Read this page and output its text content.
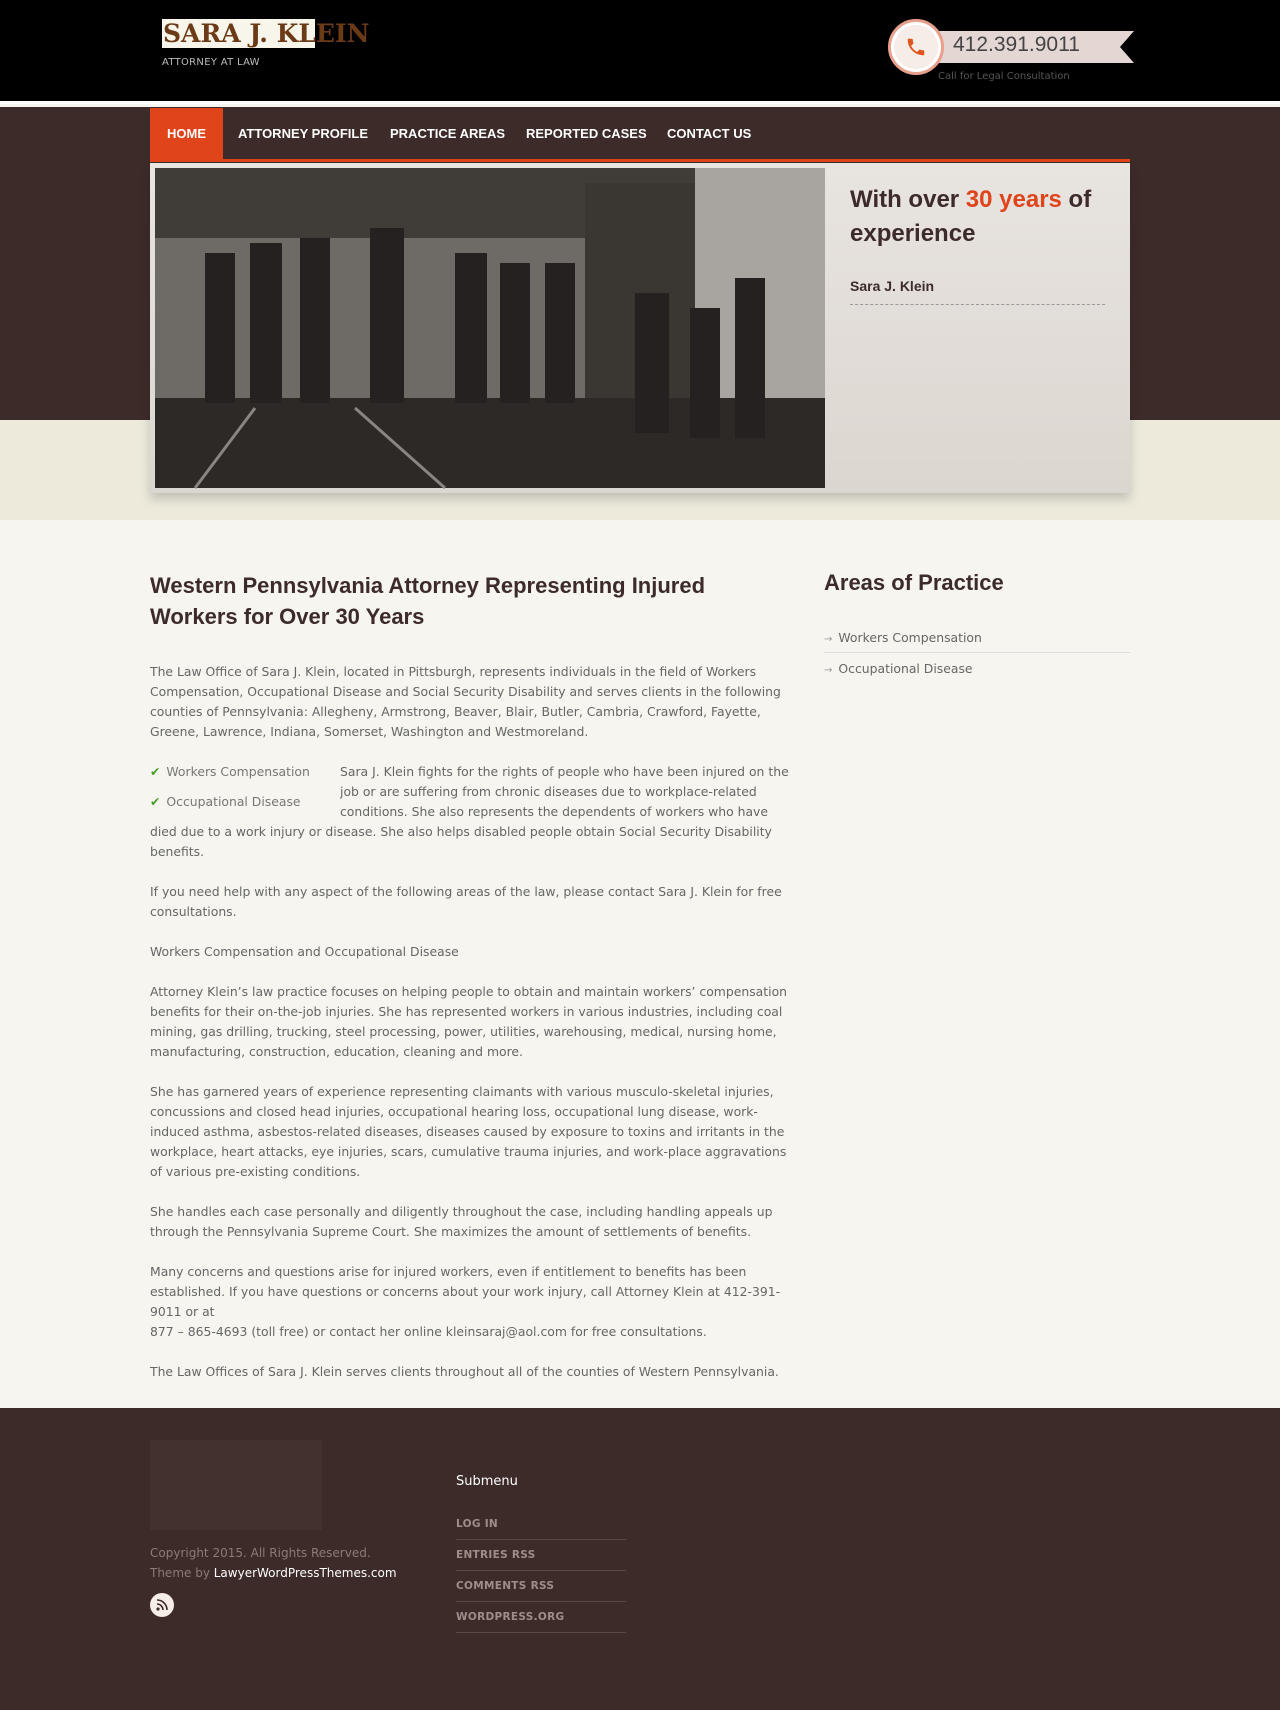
SARA J. KLEIN
ATTORNEY AT LAW
412.391.9011
Call for Legal Consultation
HOME	ATTORNEY PROFILE	PRACTICE AREAS	REPORTED CASES	CONTACT US
With over 30 years of experience
Sara J. Klein
Western Pennsylvania Attorney Representing Injured Workers for Over 30 Years

The Law Office of Sara J. Klein, located in Pittsburgh, represents individuals in the field of Workers Compensation, Occupational Disease and Social Security Disability and serves clients in the following counties of Pennsylvania: Allegheny, Armstrong, Beaver, Blair, Butler, Cambria, Crawford, Fayette, Greene, Lawrence, Indiana, Somerset, Washington and Westmoreland.

✔ Workers Compensation
✔ Occupational Disease

Sara J. Klein fights for the rights of people who have been injured on the job or are suffering from chronic diseases due to workplace-related conditions. She also represents the dependents of workers who have died due to a work injury or disease. She also helps disabled people obtain Social Security Disability benefits.

If you need help with any aspect of the following areas of the law, please contact Sara J. Klein for free consultations.

Workers Compensation and Occupational Disease

Attorney Klein’s law practice focuses on helping people to obtain and maintain workers’ compensation benefits for their on-the-job injuries. She has represented workers in various industries, including coal mining, gas drilling, trucking, steel processing, power, utilities, warehousing, medical, nursing home, manufacturing, construction, education, cleaning and more.

She has garnered years of experience representing claimants with various musculo-skeletal injuries, concussions and closed head injuries, occupational hearing loss, occupational lung disease, work-induced asthma, asbestos-related diseases, diseases caused by exposure to toxins and irritants in the workplace, heart attacks, eye injuries, scars, cumulative trauma injuries, and work-place aggravations of various pre-existing conditions.

She handles each case personally and diligently throughout the case, including handling appeals up through the Pennsylvania Supreme Court. She maximizes the amount of settlements of benefits.

Many concerns and questions arise for injured workers, even if entitlement to benefits has been established. If you have questions or concerns about your work injury, call Attorney Klein at 412-391-9011 or at
877 – 865-4693 (toll free) or contact her online kleinsaraj@aol.com for free consultations.

The Law Offices of Sara J. Klein serves clients throughout all of the counties of Western Pennsylvania.

Areas of Practice
→ Workers Compensation
→ Occupational Disease
Copyright 2015. All Rights Reserved.
Theme by LawyerWordPressThemes.com
Submenu
LOG IN
ENTRIES RSS
COMMENTS RSS
WORDPRESS.ORG
